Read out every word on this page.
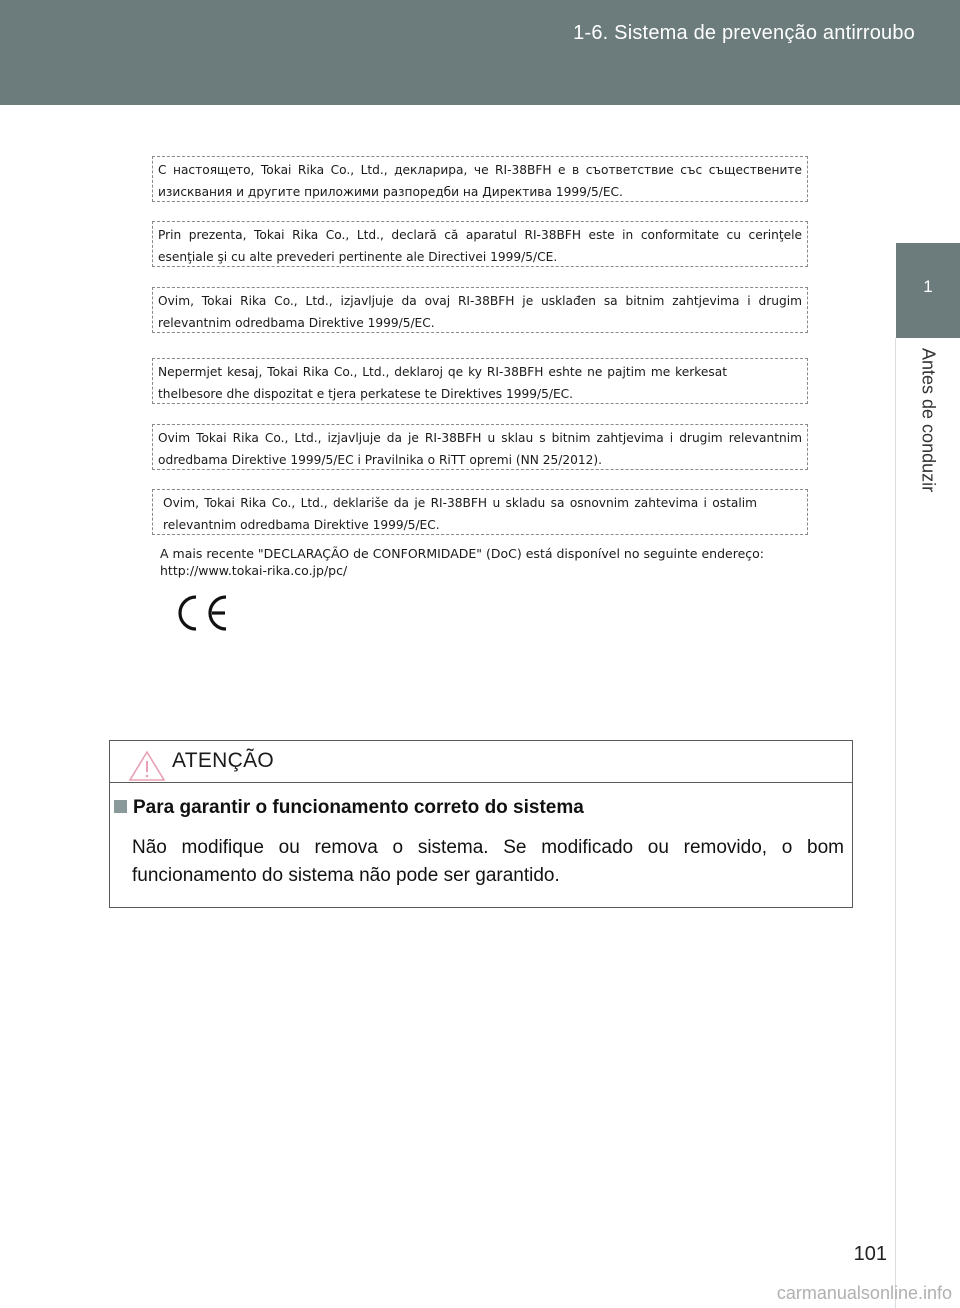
1-6. Sistema de prevenção antirroubo
1
Antes de conduzir

С настоящето, Tokai Rika Co., Ltd., декларира, че RI-38BFH е в съответствие със съществените изисквания и другите приложими разпоредби на Директива 1999/5/ЕС.

Prin prezenta, Tokai Rika Co., Ltd., declară că aparatul RI-38BFH este in conformitate cu cerinţele esenţiale şi cu alte prevederi pertinente ale Directivei 1999/5/CE.

Ovim, Tokai Rika Co., Ltd., izjavljuje da ovaj RI-38BFH je usklađen sa bitnim zahtjevima i drugim relevantnim odredbama Direktive 1999/5/EC.

Nepermjet kesaj, Tokai Rika Co., Ltd., deklaroj qe ky RI-38BFH eshte ne pajtim me kerkesat thelbesore dhe dispozitat e tjera perkatese te Direktives 1999/5/EC.

Ovim Tokai Rika Co., Ltd., izjavljuje da je RI-38BFH u sklau s bitnim zahtjevima i drugim relevantnim odredbama Direktive 1999/5/EC i Pravilnika o RiTT opremi (NN 25/2012).

Ovim, Tokai Rika Co., Ltd., deklariše da je RI-38BFH u skladu sa osnovnim zahtevima i ostalim relevantnim odredbama Direktive 1999/5/EC.

A mais recente "DECLARAÇÃO de CONFORMIDADE" (DoC) está disponível no seguinte endereço:
http://www.tokai-rika.co.jp/pc/
ATENÇÃO
Para garantir o funcionamento correto do sistema
Não modifique ou remova o sistema. Se modificado ou removido, o bom funcionamento do sistema não pode ser garantido.
101
carmanualsonline.info
